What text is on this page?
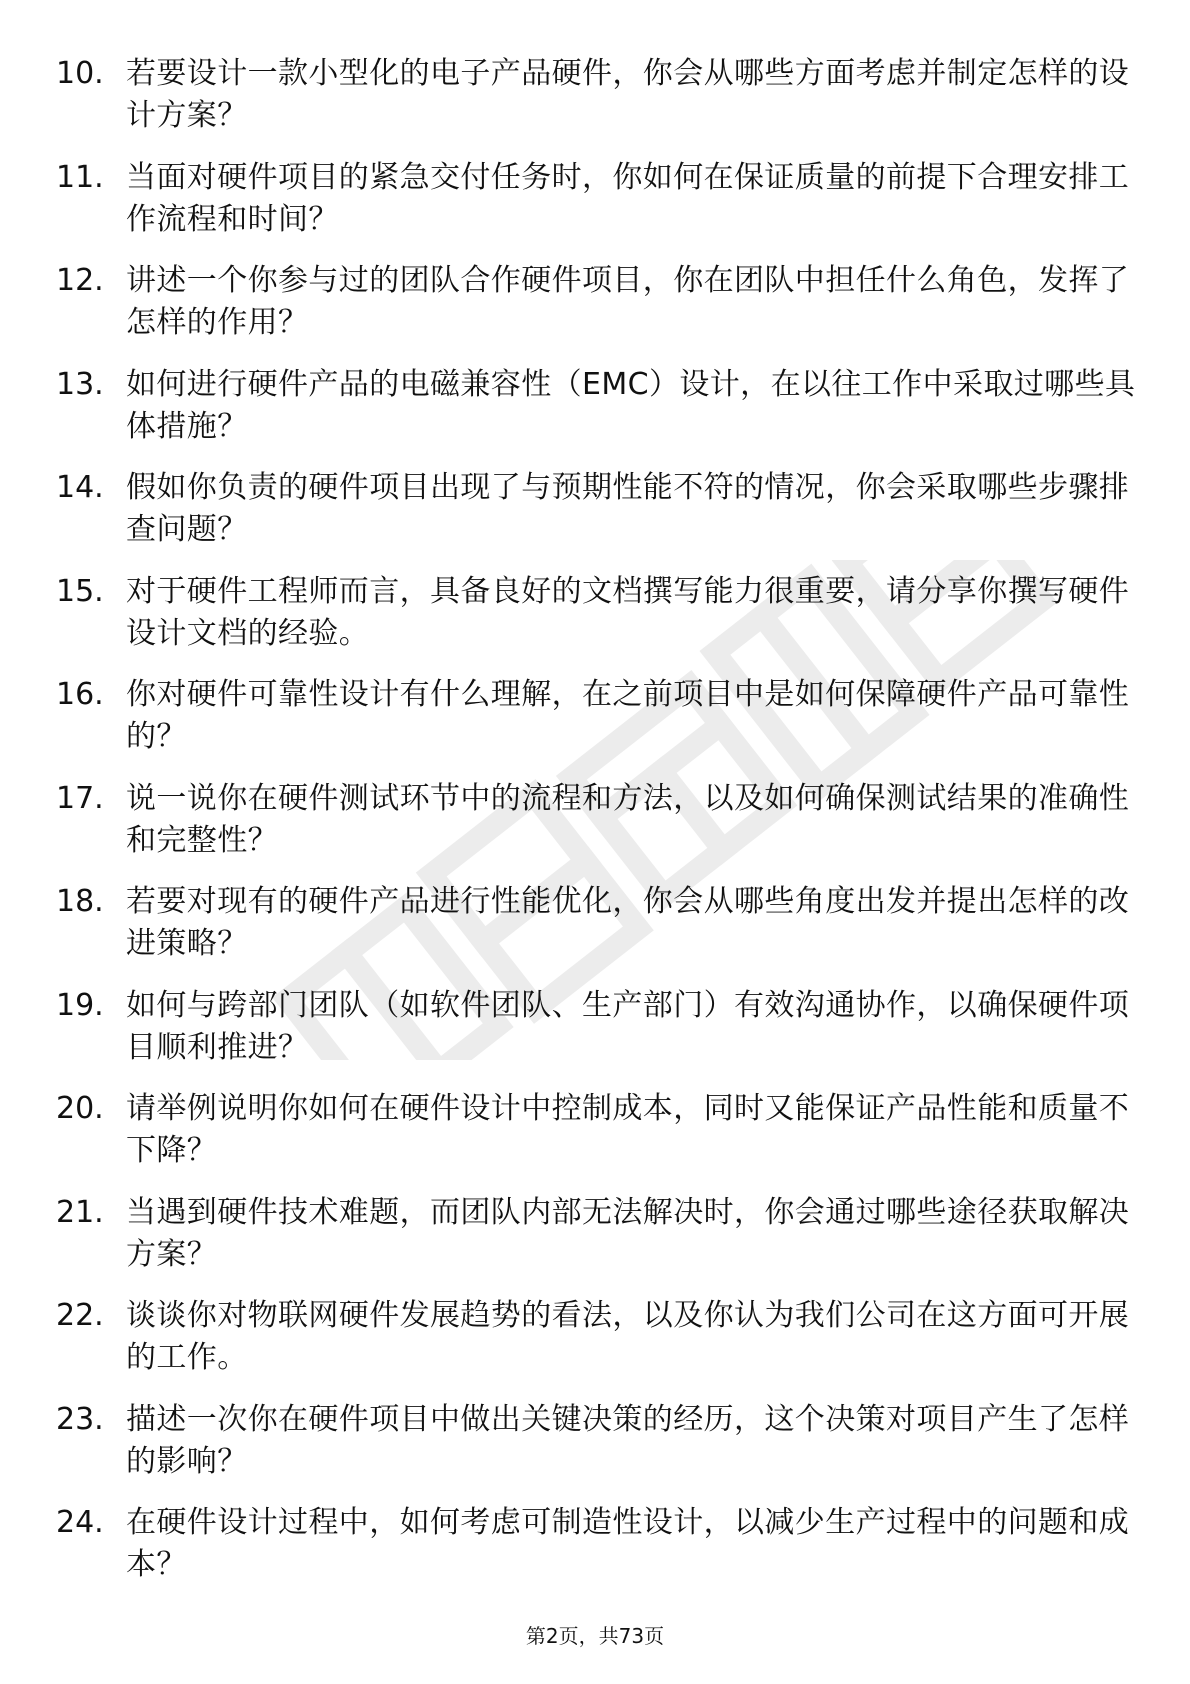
10. 若要设计一款小型化的电子产品硬件，你会从哪些方面考虑并制定怎样的设计方案？
11. 当面对硬件项目的紧急交付任务时，你如何在保证质量的前提下合理安排工作流程和时间？
12. 讲述一个你参与过的团队合作硬件项目，你在团队中担任什么角色，发挥了怎样的作用？
13. 如何进行硬件产品的电磁兼容性（EMC）设计，在以往工作中采取过哪些具体措施？
14. 假如你负责的硬件项目出现了与预期性能不符的情况，你会采取哪些步骤排查问题？
15. 对于硬件工程师而言，具备良好的文档撰写能力很重要，请分享你撰写硬件设计文档的经验。
16. 你对硬件可靠性设计有什么理解，在之前项目中是如何保障硬件产品可靠性的？
17. 说一说你在硬件测试环节中的流程和方法，以及如何确保测试结果的准确性和完整性？
18. 若要对现有的硬件产品进行性能优化，你会从哪些角度出发并提出怎样的改进策略？
19. 如何与跨部门团队（如软件团队、生产部门）有效沟通协作，以确保硬件项目顺利推进？
20. 请举例说明你如何在硬件设计中控制成本，同时又能保证产品性能和质量不下降？
21. 当遇到硬件技术难题，而团队内部无法解决时，你会通过哪些途径获取解决方案？
22. 谈谈你对物联网硬件发展趋势的看法，以及你认为我们公司在这方面可开展的工作。
23. 描述一次你在硬件项目中做出关键决策的经历，这个决策对项目产生了怎样的影响？
24. 在硬件设计过程中，如何考虑可制造性设计，以减少生产过程中的问题和成本？
第2页，共73页
